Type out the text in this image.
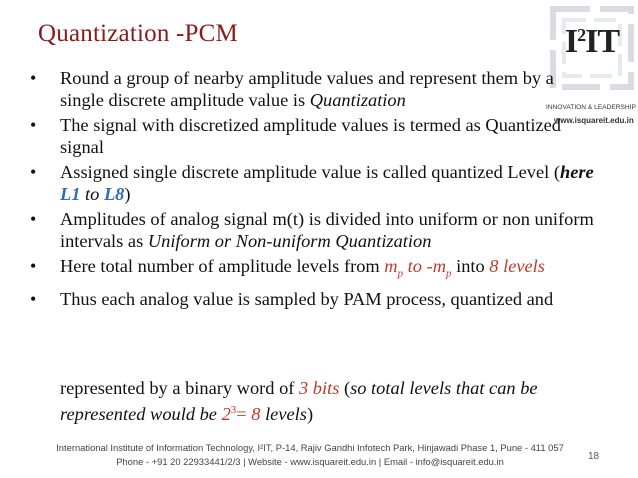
Quantization -PCM	$I^2IT$
INNOVATION & LEADERSHIP
www.isquareit.edu.in
• Round a group of nearby amplitude values and represent them by a single discrete amplitude value is Quantization
• The signal with discretized amplitude values is termed as Quantized signal
• Assigned single discrete amplitude value is called quantized Level (here L1 to L8)
• Amplitudes of analog signal m(t) is divided into uniform or non uniform intervals as Uniform or Non-uniform Quantization
• Here total number of amplitude levels from $m_p$ to $-m_p$ into 8 levels
• Thus each analog value is sampled by PAM process, quantized and
represented by a binary word of 3 bits (so total levels that can be represented would be $2^3= 8$ levels)
International Institute of Information Technology, I²IT, P-14, Rajiv Gandhi Infotech Park, Hinjawadi Phase 1, Pune - 411 057
Phone - +91 20 22933441/2/3 | Website - www.isquareit.edu.in | Email - info@isquareit.edu.in	18
